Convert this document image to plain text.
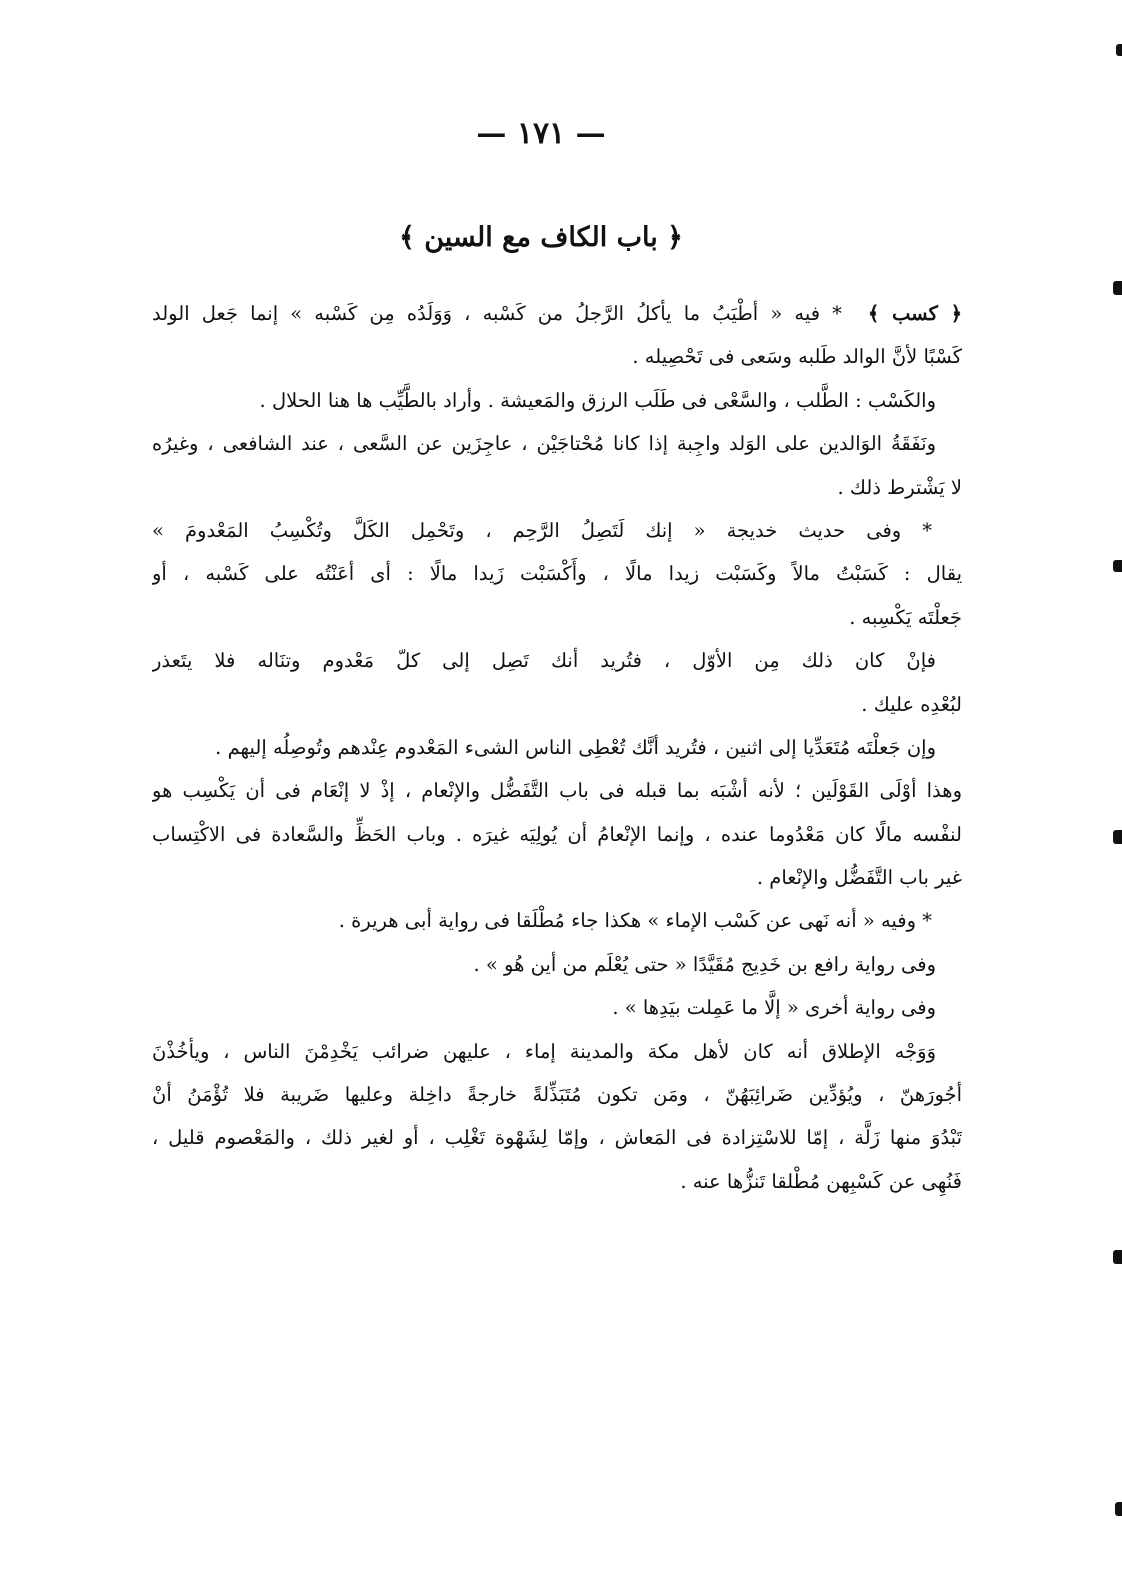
— ١٧١ —
﴿ باب الكاف مع السين ﴾
﴿ كسب ﴾* فيه « أطْيَبُ ما يأكلُ الرَّجلُ من كَسْبه ، وَوَلَدُه مِن كَسْبه » إنما جَعل الولد
كَسْبًا لأنَّ الوالد طَلبه وسَعى فى تَحْصِيله .
والكَسْب : الطَّلب ، والسَّعْى فى طَلَب الرزق والمَعيشة . وأراد بالطَّيِّب ها هنا الحلال .
ونَفَقَةُ الوَالدين على الوَلد واجِبة إذا كانا مُحْتاجَيْن ، عاجِزَين عن السَّعى ، عند الشافعى ، وغيرُه
لا يَشْترط ذلك .
* وفى حديث خديجة « إنك لَتَصِلُ الرَّحِم ، وتَحْمِل الكَلَّ وتُكْسِبُ المَعْدومَ »
يقال : كَسَبْتُ مالاً وكَسَبْت زيدا مالًا ، وأَكْسَبْت زَيدا مالًا : أى أعَنْتُه على كَسْبه ، أو
جَعلْتَه يَكْسِبه .
فإنْ كان ذلك مِن الأوّل ، فتُريد أنك تَصِل إلى كلّ مَعْدوم وتنَاله فلا يتَعذر
لبُعْدِه عليك .
وإن جَعلْتَه مُتَعَدِّيا إلى اثنين ، فتُريد أنَّك تُعْطِى الناس الشىء المَعْدوم عِنْدهم وتُوصِلُه إليهم .
وهذا أوْلَى القَوْلَين ؛ لأنه أشْبَه بما قبله فى باب التَّفَضُّل والإنْعام ، إذْ لا إنْعَام فى أن يَكْسِب هو
لنفْسه مالًا كان مَعْدُوما عنده ، وإنما الإنْعامُ أن يُولِيَه غيرَه . وباب الحَظِّ والسَّعادة فى الاكْتِساب
غير باب التَّفَضُّل والإنْعام .
* وفيه « أنه نَهى عن كَسْب الإماء » هكذا جاء مُطْلَقا فى رواية أبى هريرة .
وفى رواية رافع بن خَدِيج مُقَيَّدًا « حتى يُعْلَم من أين هُو » .
وفى رواية أخرى « إلَّا ما عَمِلت بيَدِها » .
وَوَجْه الإطلاق أنه كان لأهل مكة والمدينة إماء ، عليهن ضرائب يَخْدِمْنَ الناس ، ويأخُذْنَ
أجُورَهنّ ، ويُؤدِّين ضَرائِبَهُنّ ، ومَن تكون مُتَبَذِّلةً خارجةً داخِلة وعليها ضَريبة فلا تُؤْمَنُ أنْ
تَبْدُوَ منها زَلَّة ، إمّا للاسْتِزادة فى المَعاش ، وإمّا لِشَهْوة تَغْلِب ، أو لغير ذلك ، والمَعْصوم قليل ،
فَنُهِى عن كَسْبِهن مُطْلقا تَنزُّها عنه .
